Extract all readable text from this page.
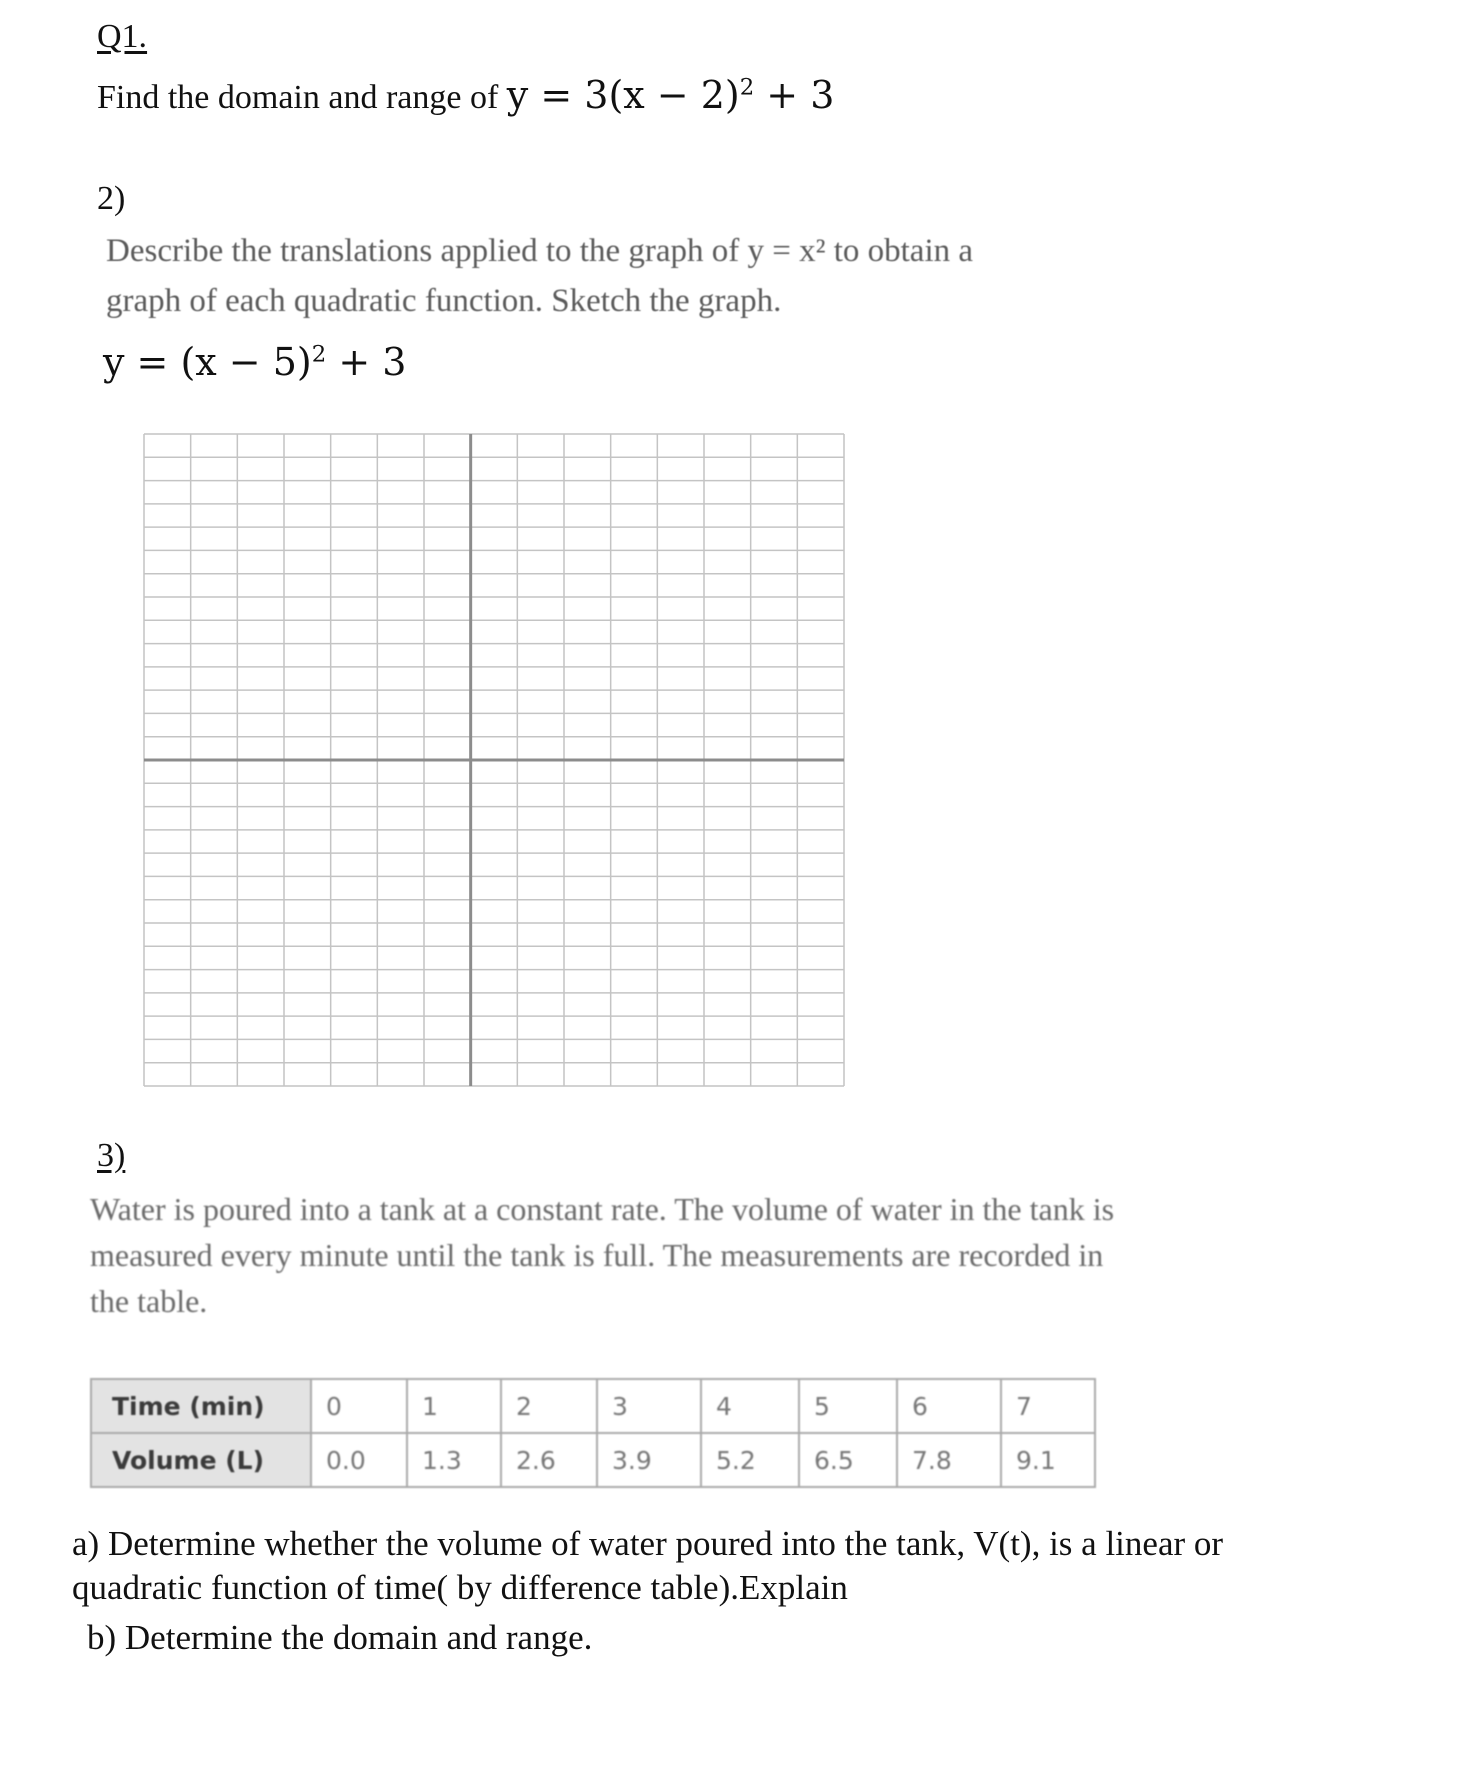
Q1.
Find the domain and range of $y = 3(x - 2)^2 + 3$
2)
Describe the translations applied to the graph of y = x² to obtain a
graph of each quadratic function. Sketch the graph.
$y = (x - 5)^2 + 3$
3)
Water is poured into a tank at a constant rate. The volume of water in the tank is
measured every minute until the tank is full. The measurements are recorded in
the table.
Time (min)	0	1	2	3	4	5	6	7
Volume (L)	0.0	1.3	2.6	3.9	5.2	6.5	7.8	9.1
a) Determine whether the volume of water poured into the tank, V(t), is a linear or
quadratic function of time( by difference table).Explain
b) Determine the domain and range.
